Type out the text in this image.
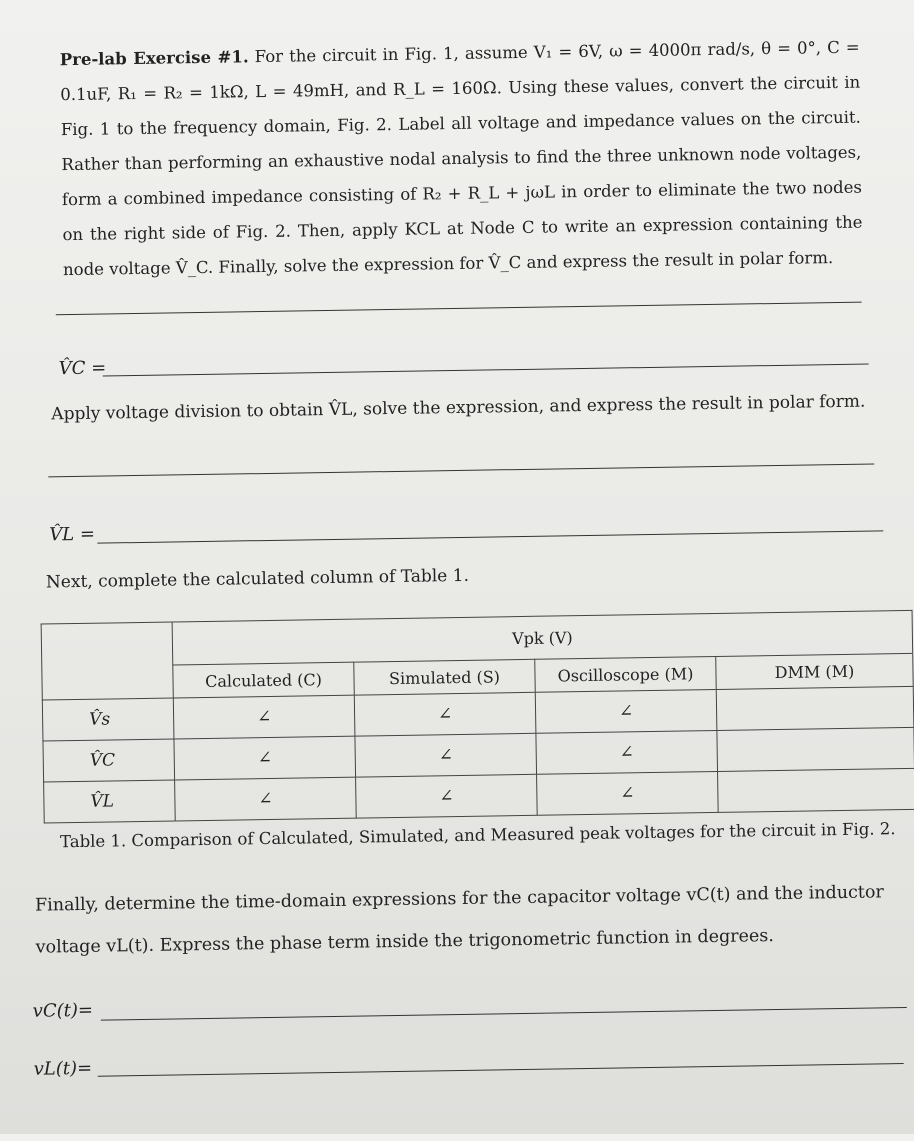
Pre-lab Exercise #1. For the circuit in Fig. 1, assume V₁ = 6V, ω = 4000π rad/s, θ = 0°, C = 0.1uF, R₁ = R₂ = 1kΩ, L = 49mH, and R_L = 160Ω. Using these values, convert the circuit in Fig. 1 to the frequency domain, Fig. 2. Label all voltage and impedance values on the circuit. Rather than performing an exhaustive nodal analysis to find the three unknown node voltages, form a combined impedance consisting of R₂ + R_L + jωL in order to eliminate the two nodes on the right side of Fig. 2. Then, apply KCL at Node C to write an expression containing the node voltage V̂_C. Finally, solve the expression for V̂_C and express the result in polar form.
V̂C =
Apply voltage division to obtain V̂L, solve the expression, and express the result in polar form.
V̂L =
Next, complete the calculated column of Table 1.
	Vpk (V)			
	Calculated (C)	Simulated (S)	Oscilloscope (M)	DMM (M)
V̂s	∠	∠	∠	
V̂C	∠	∠	∠	
V̂L	∠	∠	∠	
Table 1. Comparison of Calculated, Simulated, and Measured peak voltages for the circuit in Fig. 2.
Finally, determine the time-domain expressions for the capacitor voltage vC(t) and the inductor voltage vL(t). Express the phase term inside the trigonometric function in degrees.
vC(t)=
vL(t)=
